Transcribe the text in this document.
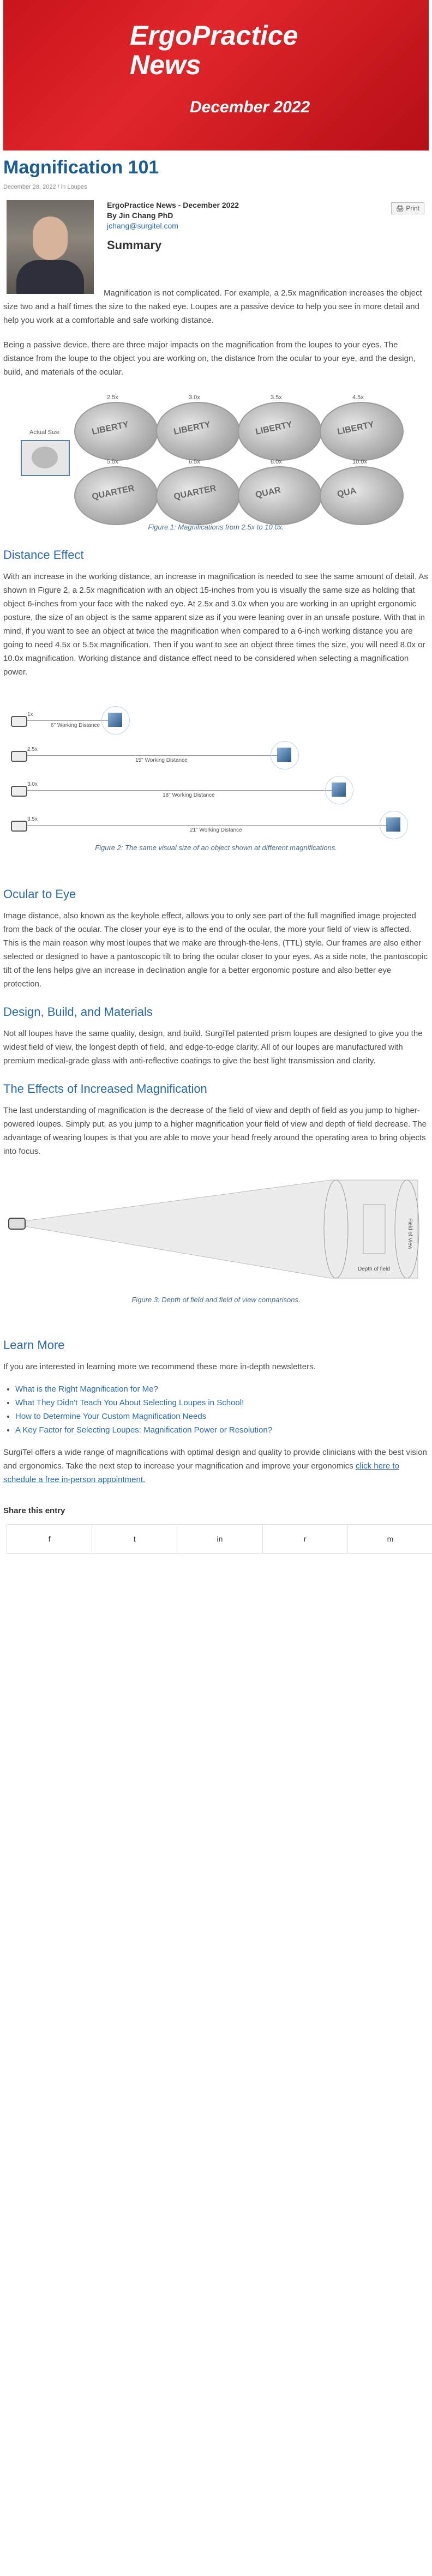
ErgoPractice
News
December 2022
Magnification 101
December 28, 2022 / in Loupes
ErgoPractice News - December 2022
By Jin Chang PhD
jchang@surgitel.com
🖨 Print
Summary

Magnification is not complicated. For example, a 2.5x magnification increases the object size two and a half times the size to the naked eye. Loupes are a passive device to help you see in more detail and help you work at a comfortable and safe working distance.

Being a passive device, there are three major impacts on the magnification from the loupes to your eyes. The distance from the loupe to the object you are working on, the distance from the ocular to your eye, and the design, build, and materials of the ocular.

Actual Size
2.5x
LIBERTY
3.0x
LIBERTY
3.5x
LIBERTY
4.5x
LIBERTY
5.5x
QUARTER
6.5x
QUARTER
8.0x
QUAR
10.0x
QUA
Figure 1: Magnifications from 2.5x to 10.0x.
Distance Effect

With an increase in the working distance, an increase in magnification is needed to see the same amount of detail. As shown in Figure 2, a 2.5x magnification with an object 15-inches from you is visually the same size as holding that object 6-inches from your face with the naked eye. At 2.5x and 3.0x when you are working in an upright ergonomic posture, the size of an object is the same apparent size as if you were leaning over in an unsafe posture. With that in mind, if you want to see an object at twice the magnification when compared to a 6-inch working distance you are going to need 4.5x or 5.5x magnification. Then if you want to see an object three times the size, you will need 8.0x or 10.0x magnification. Working distance and distance effect need to be considered when selecting a magnification power.

1x
6" Working Distance
2.5x
15" Working Distance
3.0x
18" Working Distance
3.5x
21" Working Distance
Figure 2: The same visual size of an object shown at different magnifications.
Ocular to Eye

Image distance, also known as the keyhole effect, allows you to only see part of the full magnified image projected from the back of the ocular. The closer your eye is to the end of the ocular, the more your field of view is affected. This is the main reason why most loupes that we make are through-the-lens, (TTL) style. Our frames are also either selected or designed to have a pantoscopic tilt to bring the ocular closer to your eyes. As a side note, the pantoscopic tilt of the lens helps give an increase in declination angle for a better ergonomic posture and also better eye protection.

Design, Build, and Materials

Not all loupes have the same quality, design, and build. SurgiTel patented prism loupes are designed to give you the widest field of view, the longest depth of field, and edge-to-edge clarity. All of our loupes are manufactured with premium medical-grade glass with anti-reflective coatings to give the best light transmission and clarity.

The Effects of Increased Magnification

The last understanding of magnification is the decrease of the field of view and depth of field as you jump to higher-powered loupes. Simply put, as you jump to a higher magnification your field of view and depth of field decrease. The advantage of wearing loupes is that you are able to move your head freely around the operating area to bring objects into focus.

Field of View
Depth of field
Figure 3: Depth of field and field of view comparisons.
Learn More

If you are interested in learning more we recommend these more in-depth newsletters.

• What is the Right Magnification for Me?
• What They Didn't Teach You About Selecting Loupes in School!
• How to Determine Your Custom Magnification Needs
• A Key Factor for Selecting Loupes: Magnification Power or Resolution?

SurgiTel offers a wide range of magnifications with optimal design and quality to provide clinicians with the best vision and ergonomics. Take the next step to increase your magnification and improve your ergonomics click here to schedule a free in-person appointment.

Share this entry
f	t	in	r	m
